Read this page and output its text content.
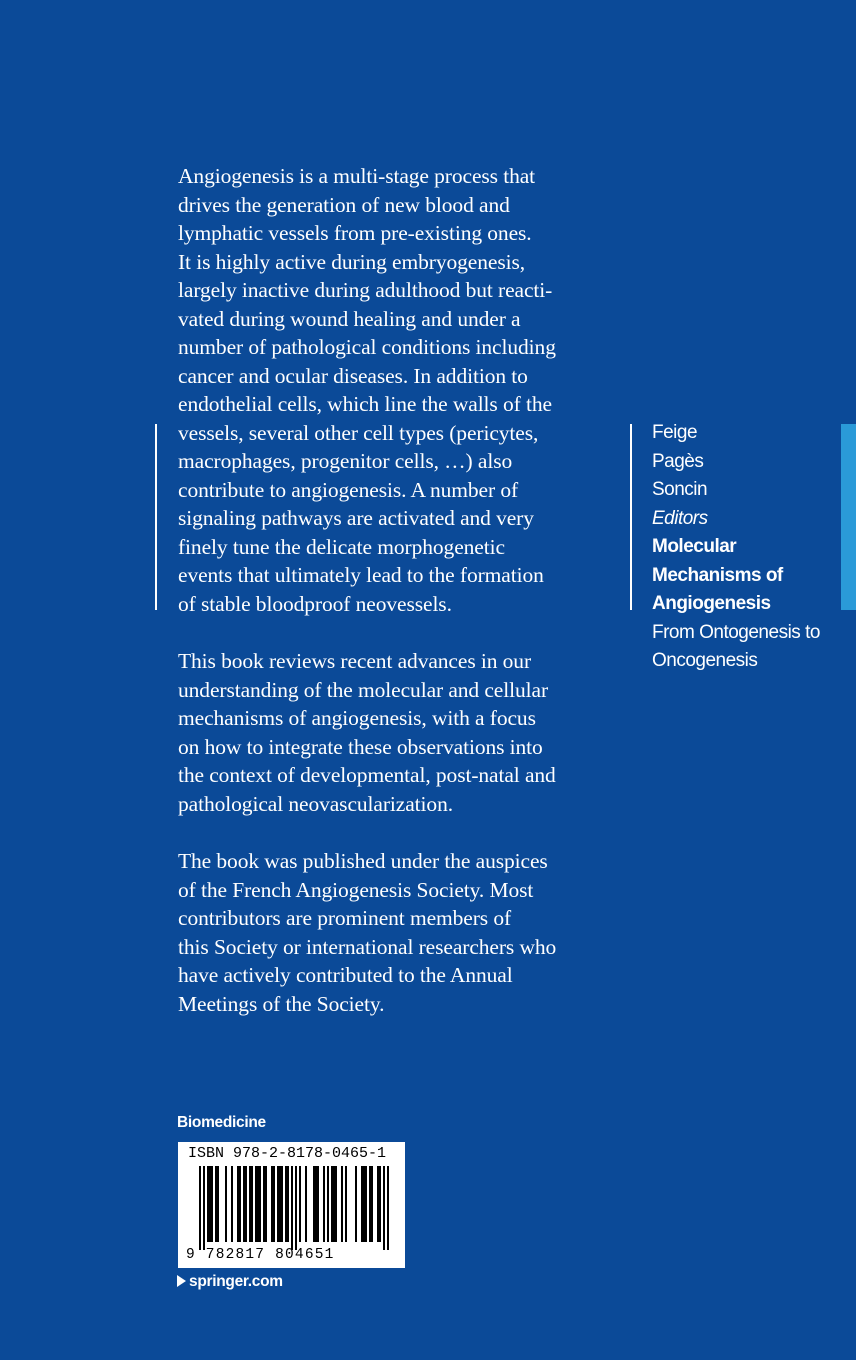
Angiogenesis is a multi-stage process that
drives the generation of new blood and
lymphatic vessels from pre-existing ones.
It is highly active during embryogenesis,
largely inactive during adulthood but reacti-
vated during wound healing and under a
number of pathological conditions including
cancer and ocular diseases. In addition to
endothelial cells, which line the walls of the
vessels, several other cell types (pericytes,
macrophages, progenitor cells, …) also
contribute to angiogenesis. A number of
signaling pathways are activated and very
finely tune the delicate morphogenetic
events that ultimately lead to the formation
of stable bloodproof neovessels.

This book reviews recent advances in our
understanding of the molecular and cellular
mechanisms of angiogenesis, with a focus
on how to integrate these observations into
the context of developmental, post-natal and
pathological neovascularization.

The book was published under the auspices
of the French Angiogenesis Society. Most
contributors are prominent members of
this Society or international researchers who
have actively contributed to the Annual
Meetings of the Society.

Feige
Pagès
Soncin
Editors
Molecular
Mechanisms of
Angiogenesis
From Ontogenesis to
Oncogenesis
Biomedicine
ISBN 978-2-8178-0465-1
9 782817 804651
springer.com
